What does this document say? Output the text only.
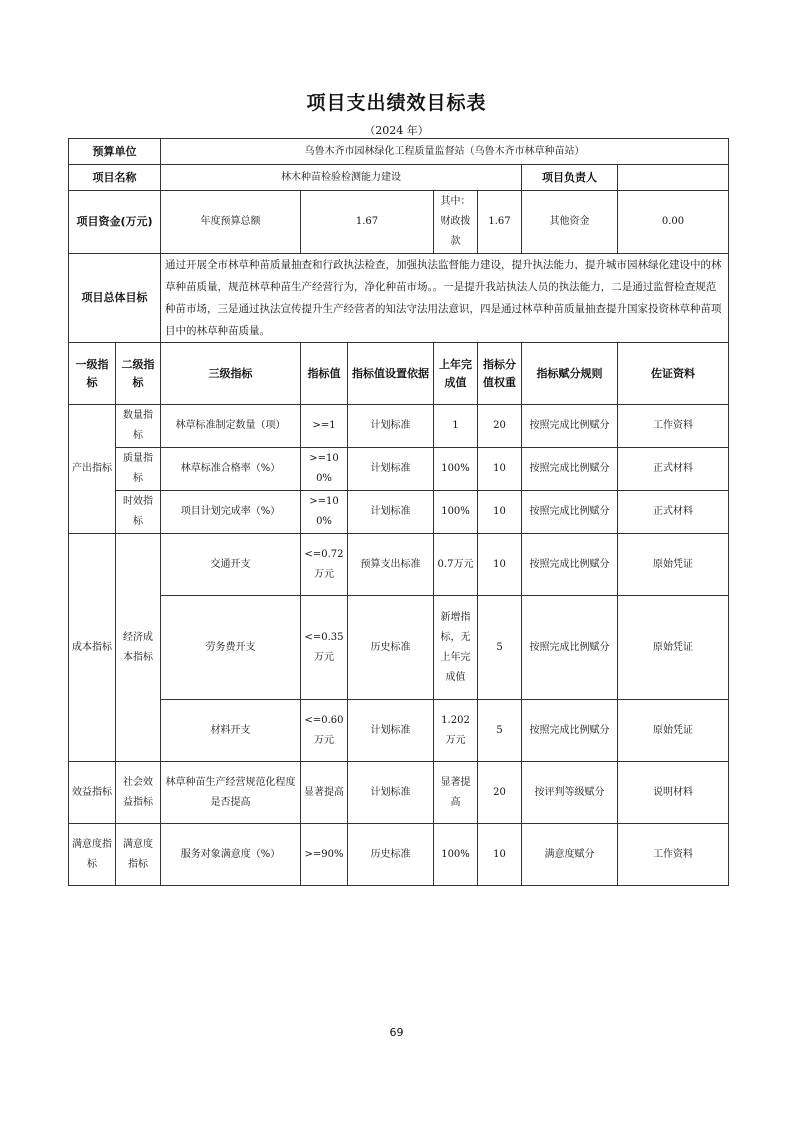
项目支出绩效目标表
（2024 年）
预算单位		乌鲁木齐市园林绿化工程质量监督站（乌鲁木齐市林草种苗站）						
项目名称		林木种苗检验检测能力建设					项目负责人	
项目资金(万元)		年度预算总额	1.67		其中：财政拨款	1.67	其他资金	0.00
项目总体目标		通过开展全市林草种苗质量抽查和行政执法检查，加强执法监督能力建设，提升执法能力，提升城市园林绿化建设中的林草种苗质量，规范林草种苗生产经营行为，净化种苗市场。。一是提升我站执法人员的执法能力，二是通过监督检查规范种苗市场，三是通过执法宣传提升生产经营者的知法守法用法意识，四是通过林草种苗质量抽查提升国家投资林草种苗项目中的林草种苗质量。						
一级指标	二级指标	三级指标	指标值	指标值设置依据	上年完成值	指标分值权重	指标赋分规则	佐证资料
产出指标	数量指标	林草标准制定数量（项）	>=1	计划标准	1	20	按照完成比例赋分	工作资料
	质量指标	林草标准合格率（%）	>=100%	计划标准	100%	10	按照完成比例赋分	正式材料
	时效指标	项目计划完成率（%）	>=100%	计划标准	100%	10	按照完成比例赋分	正式材料
成本指标	经济成本指标	交通开支	<=0.72万元	预算支出标准	0.7万元	10	按照完成比例赋分	原始凭证
		劳务费开支	<=0.35万元	历史标准	新增指标，无上年完成值	5	按照完成比例赋分	原始凭证
		材料开支	<=0.60万元	计划标准	1.202万元	5	按照完成比例赋分	原始凭证
效益指标	社会效益指标	林草种苗生产经营规范化程度是否提高	显著提高	计划标准	显著提高	20	按评判等级赋分	说明材料
满意度指标	满意度指标	服务对象满意度（%）	>=90%	历史标准	100%	10	满意度赋分	工作资料
69
